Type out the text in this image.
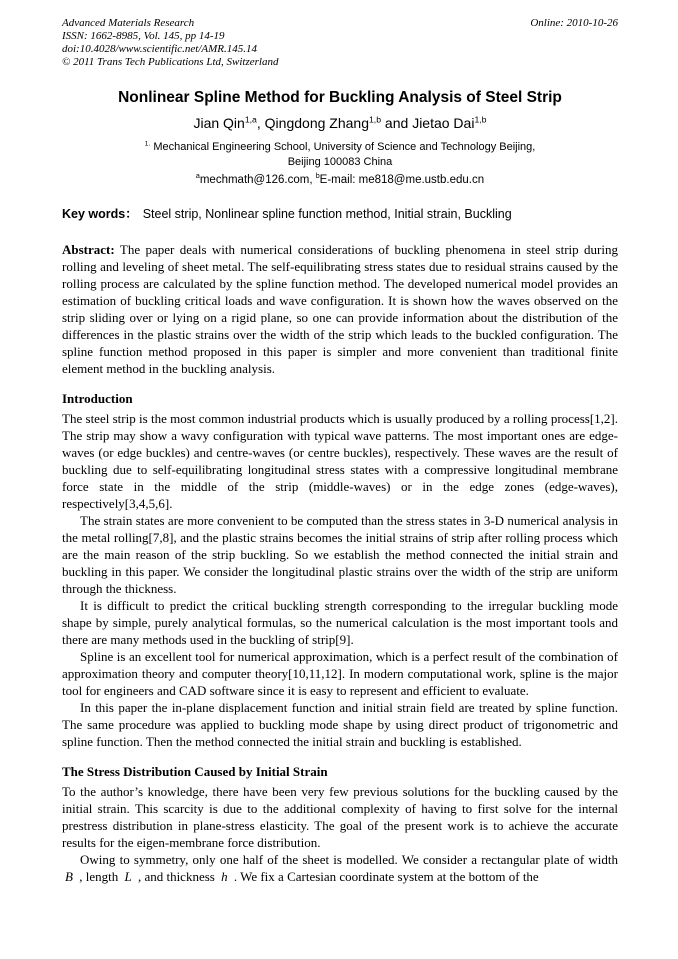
Advanced Materials Research
ISSN: 1662-8985, Vol. 145, pp 14-19
doi:10.4028/www.scientific.net/AMR.145.14
© 2011 Trans Tech Publications Ltd, Switzerland
Online: 2010-10-26
Nonlinear Spline Method for Buckling Analysis of Steel Strip
Jian Qin$^{1,a}$, Qingdong Zhang$^{1,b}$ and Jietao Dai$^{1,b}$
$^{1.}$ Mechanical Engineering School, University of Science and Technology Beijing,
Beijing 100083 China
$^a$mechmath@126.com, $^b$E-mail: me818@me.ustb.edu.cn
Key words： Steel strip, Nonlinear spline function method, Initial strain, Buckling

Abstract: The paper deals with numerical considerations of buckling phenomena in steel strip during rolling and leveling of sheet metal. The self-equilibrating stress states due to residual strains caused by the rolling process are calculated by the spline function method. The developed numerical model provides an estimation of buckling critical loads and wave configuration. It is shown how the waves observed on the strip sliding over or lying on a rigid plane, so one can provide information about the distribution of the differences in the plastic strains over the width of the strip which leads to the buckled configuration. The spline function method proposed in this paper is simpler and more convenient than traditional finite element method in the buckling analysis.

Introduction

The steel strip is the most common industrial products which is usually produced by a rolling process[1,2]. The strip may show a wavy configuration with typical wave patterns. The most important ones are edge-waves (or edge buckles) and centre-waves (or centre buckles), respectively. These waves are the result of buckling due to self-equilibrating longitudinal stress states with a compressive longitudinal membrane force state in the middle of the strip (middle-waves) or in the edge zones (edge-waves), respectively[3,4,5,6].

The strain states are more convenient to be computed than the stress states in 3-D numerical analysis in the metal rolling[7,8], and the plastic strains becomes the initial strains of strip after rolling process which are the main reason of the strip buckling. So we establish the method connected the initial strain and buckling in this paper. We consider the longitudinal plastic strains over the width of the strip are uniform through the thickness.

It is difficult to predict the critical buckling strength corresponding to the irregular buckling mode shape by simple, purely analytical formulas, so the numerical calculation is the most important tools and there are many methods used in the buckling of strip[9].

Spline is an excellent tool for numerical approximation, which is a perfect result of the combination of approximation theory and computer theory[10,11,12]. In modern computational work, spline is the major tool for engineers and CAD software since it is easy to represent and efficient to evaluate.

In this paper the in-plane displacement function and initial strain field are treated by spline function. The same procedure was applied to buckling mode shape by using direct product of trigonometric and spline function. Then the method connected the initial strain and buckling is established.

The Stress Distribution Caused by Initial Strain

To the author’s knowledge, there have been very few previous solutions for the buckling caused by the initial strain. This scarcity is due to the additional complexity of having to first solve for the internal prestress distribution in plane-stress elasticity. The goal of the present work is to achieve the accurate results for the eigen-membrane force distribution.

Owing to symmetry, only one half of the sheet is modelled. We consider a rectangular plate of width B , length L , and thickness h . We fix a Cartesian coordinate system at the bottom of the
